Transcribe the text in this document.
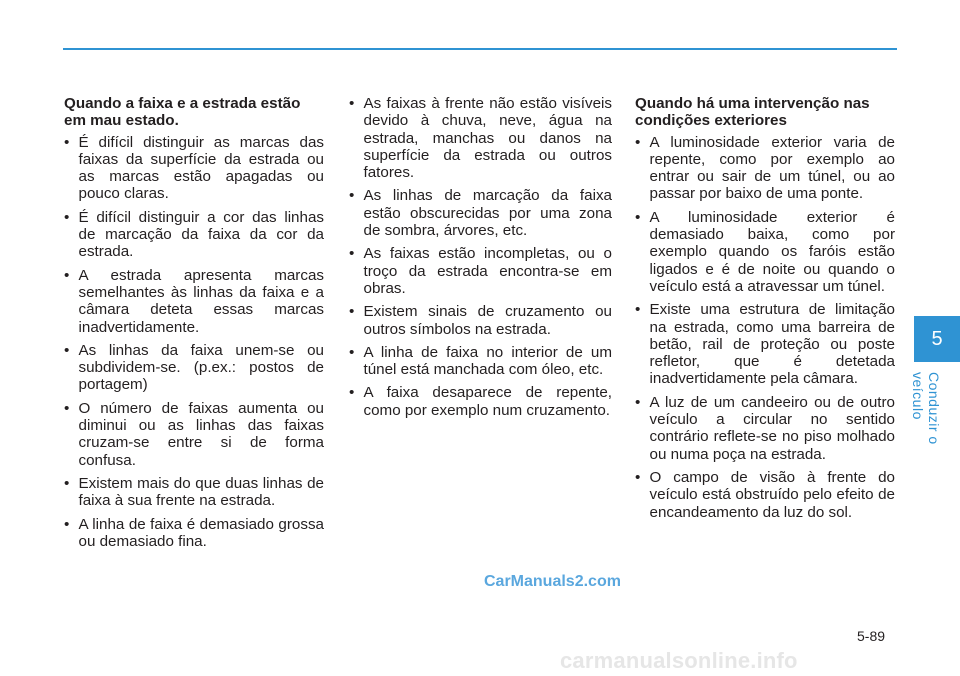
Quando a faixa e a estrada estão em mau estado.

• É difícil distinguir as marcas das faixas da superfície da estrada ou as marcas estão apagadas ou pouco claras.
• É difícil distinguir a cor das linhas de marcação da faixa da cor da estrada.
• A estrada apresenta marcas semelhantes às linhas da faixa e a câmara deteta essas marcas inadvertidamente.
• As linhas da faixa unem-se ou subdividem-se. (p.ex.: postos de portagem)
• O número de faixas aumenta ou diminui ou as linhas das faixas cruzam-se entre si de forma confusa.
• Existem mais do que duas linhas de faixa à sua frente na estrada.
• A linha de faixa é demasiado grossa ou demasiado fina.
• As faixas à frente não estão visíveis devido à chuva, neve, água na estrada, manchas ou danos na superfície da estrada ou outros fatores.
• As linhas de marcação da faixa estão obscurecidas por uma zona de sombra, árvores, etc.
• As faixas estão incompletas, ou o troço da estrada encontra-se em obras.
• Existem sinais de cruzamento ou outros símbolos na estrada.
• A linha de faixa no interior de um túnel está manchada com óleo, etc.
• A faixa desaparece de repente, como por exemplo num cruzamento.

Quando há uma intervenção nas condições exteriores

• A luminosidade exterior varia de repente, como por exemplo ao entrar ou sair de um túnel, ou ao passar por baixo de uma ponte.
• A luminosidade exterior é demasiado baixa, como por exemplo quando os faróis estão ligados e é de noite ou quando o veículo está a atravessar um túnel.
• Existe uma estrutura de limitação na estrada, como uma barreira de betão, rail de proteção ou poste refletor, que é detetada inadvertidamente pela câmara.
• A luz de um candeeiro ou de outro veículo a circular no sentido contrário reflete-se no piso molhado ou numa poça na estrada.
• O campo de visão à frente do veículo está obstruído pelo efeito de encandeamento da luz do sol.
5
Conduzir o veículo
CarManuals2.com
5-89
carmanualsonline.info
